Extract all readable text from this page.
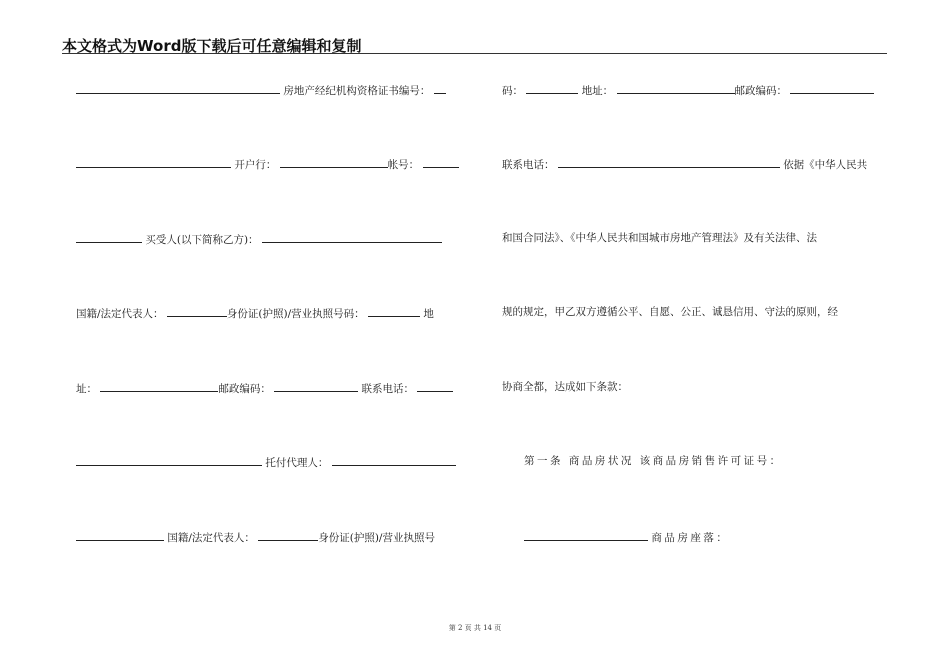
本文格式为Word版下载后可任意编辑和复制
房地产经纪机构资格证书编号：
开户行：	帐号：
买受人(以下简称乙方)：
国籍/法定代表人：	身份证(护照)/营业执照号码：	地
址：	邮政编码：	联系电话：
托付代理人：
国籍/法定代表人：	身份证(护照)/营业执照号
码：	地址：	邮政编码：
联系电话：	依据《中华人民共
和国合同法》、《中华人民共和国城市房地产管理法》及有关法律、法
规的规定，甲乙双方遵循公平、自愿、公正、诚恳信用、守法的原则，经
协商全都，达成如下条款：
第一条 商品房状况 该商品房销售许可证号：
商品房座落：
第 2 页 共 14 页
